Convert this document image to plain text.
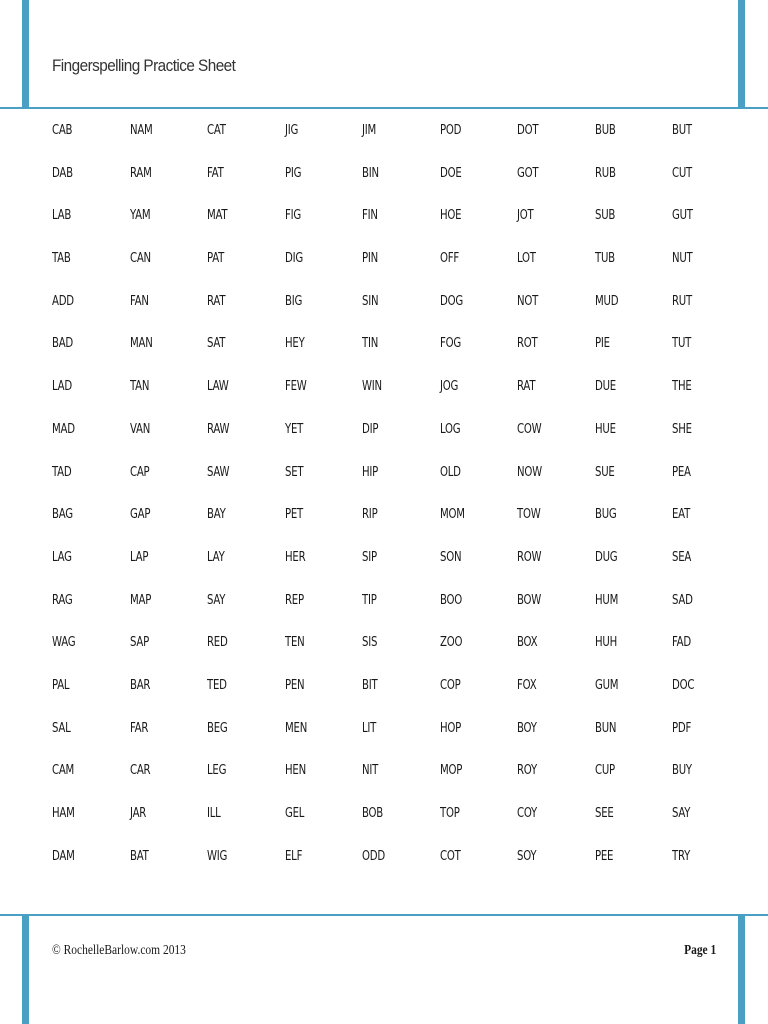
Fingerspelling Practice Sheet
CAB	NAM	CAT	JIG	JIM	POD	DOT	BUB	BUT
DAB	RAM	FAT	PIG	BIN	DOE	GOT	RUB	CUT
LAB	YAM	MAT	FIG	FIN	HOE	JOT	SUB	GUT
TAB	CAN	PAT	DIG	PIN	OFF	LOT	TUB	NUT
ADD	FAN	RAT	BIG	SIN	DOG	NOT	MUD	RUT
BAD	MAN	SAT	HEY	TIN	FOG	ROT	PIE	TUT
LAD	TAN	LAW	FEW	WIN	JOG	RAT	DUE	THE
MAD	VAN	RAW	YET	DIP	LOG	COW	HUE	SHE
TAD	CAP	SAW	SET	HIP	OLD	NOW	SUE	PEA
BAG	GAP	BAY	PET	RIP	MOM	TOW	BUG	EAT
LAG	LAP	LAY	HER	SIP	SON	ROW	DUG	SEA
RAG	MAP	SAY	REP	TIP	BOO	BOW	HUM	SAD
WAG	SAP	RED	TEN	SIS	ZOO	BOX	HUH	FAD
PAL	BAR	TED	PEN	BIT	COP	FOX	GUM	DOC
SAL	FAR	BEG	MEN	LIT	HOP	BOY	BUN	PDF
CAM	CAR	LEG	HEN	NIT	MOP	ROY	CUP	BUY
HAM	JAR	ILL	GEL	BOB	TOP	COY	SEE	SAY
DAM	BAT	WIG	ELF	ODD	COT	SOY	PEE	TRY
© RochelleBarlow.com 2013	Page 1
